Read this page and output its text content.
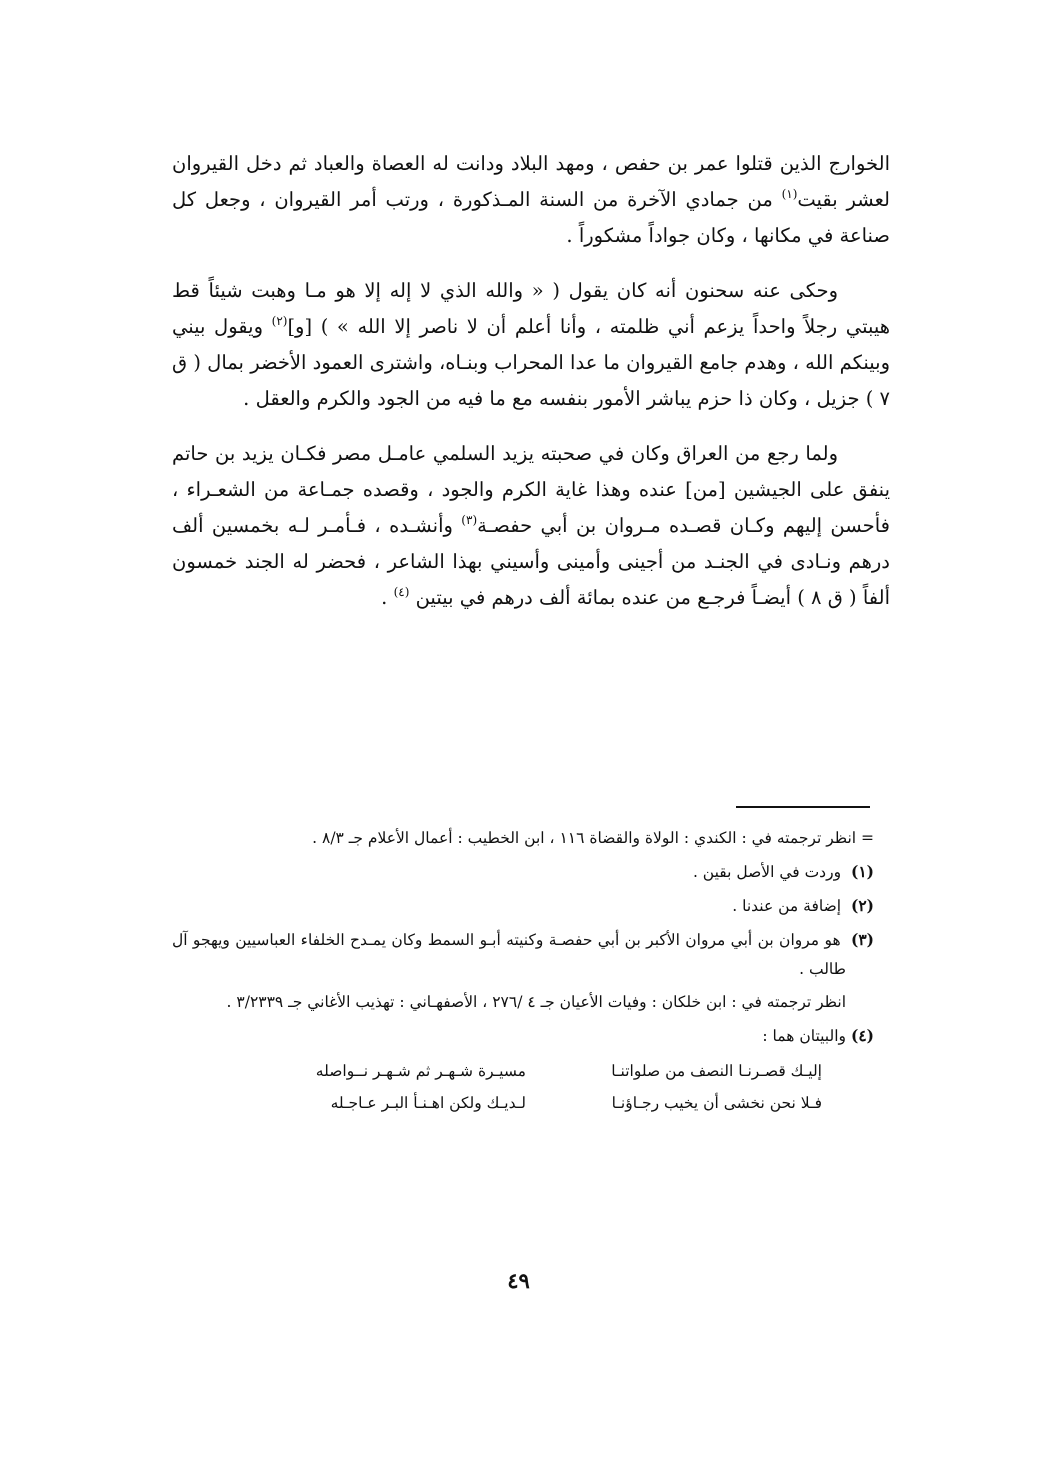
الخوارج الذين قتلوا عمر بن حفص ، ومهد البلاد ودانت له العصاة والعباد ثم دخل القيروان لعشر بقيت$^{(١)}$ من جمادي الآخرة من السنة المـذكورة ، ورتب أمر القيروان ، وجعل كل صناعة في مكانها ، وكان جواداً مشكوراً .

وحكى عنه سحنون أنه كان يقول ( « والله الذي لا إله إلا هو مـا وهبت شيئاً قط هيبتي رجلاً واحداً يزعم أني ظلمته ، وأنا أعلم أن لا ناصر إلا الله » ) [و]$^{(٢)}$ ويقول بيني وبينكم الله ، وهدم جامع القيروان ما عدا المحراب وبنـاه، واشترى العمود الأخضر بمال ( ق ٧ ) جزيل ، وكان ذا حزم يباشر الأمور بنفسه مع ما فيه من الجود والكرم والعقل .

ولما رجع من العراق وكان في صحبته يزيد السلمي عامـل مصر فكـان يزيد بن حاتم ينفق على الجيشين [من] عنده وهذا غاية الكرم والجود ، وقصده جمـاعة من الشعـراء ، فأحسن إليهم وكـان قصـده مـروان بن أبي حفصـة$^{(٣)}$ وأنشـده ، فـأمـر لـه بخمسين ألف درهم ونـادى في الجنـد من أجينى وأمينى وأسيني بهذا الشاعر ، فحضر له الجند خمسون ألفاً ( ق ٨ ) أيضـاً فرجـع من عنده بمائة ألف درهم في بيتين $^{(٤)}$ .

= انظر ترجمته في : الكندي : الولاة والقضاة ١١٦ ، ابن الخطيب : أعمال الأعلام جـ ٨/٣ .
(١) وردت في الأصل بقين .
(٢) إضافة من عندنا .
(٣) هو مروان بن أبي مروان الأكبر بن أبي حفصـة وكنيته أبـو السمط وكان يمـدح الخلفاء العباسيين ويهجو آل طالب .
انظر ترجمته في : ابن خلكان : وفيات الأعيان جـ ٤ /٢٧٦ ، الأصفهـاني : تهذيب الأغاني جـ ٣/٢٣٣٩ .
(٤)والبيتان هما :
إليـك قصـرنـا النصف من صلواتنـا
مسيـرة شـهـر ثم شـهـر نــواصله
فـلا نحن نخشى أن يخيب رجـاؤنـا
لـديـك ولكن اهـنـأ البـر عـاجـله
٤٩
